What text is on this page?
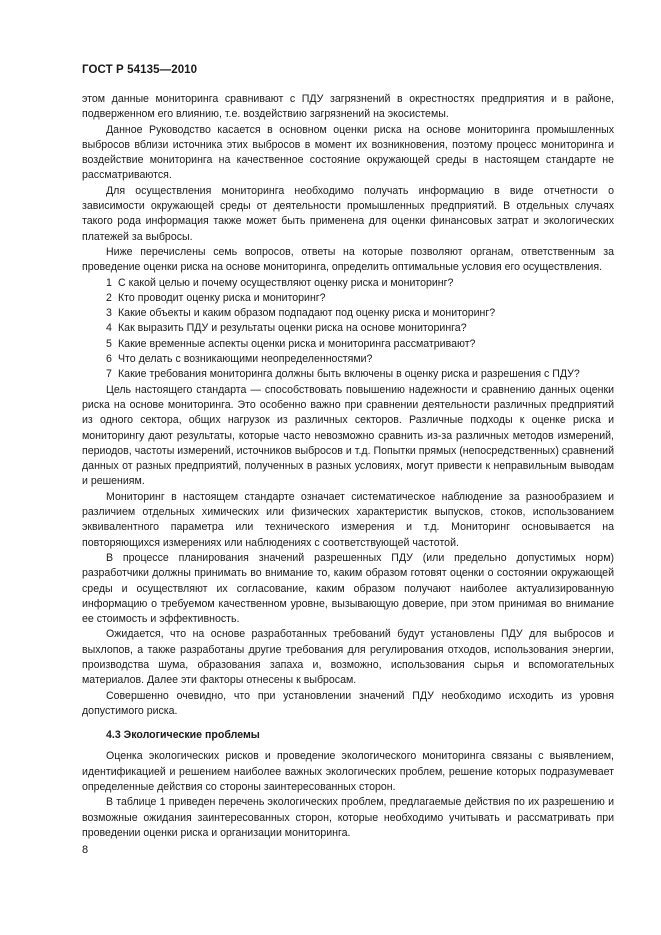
ГОСТ Р 54135—2010

этом данные мониторинга сравнивают с ПДУ загрязнений в окрестностях предприятия и в районе, подверженном его влиянию, т.е. воздействию загрязнений на экосистемы.

Данное Руководство касается в основном оценки риска на основе мониторинга промышленных выбросов вблизи источника этих выбросов в момент их возникновения, поэтому процесс мониторинга и воздействие мониторинга на качественное состояние окружающей среды в настоящем стандарте не рассматриваются.

Для осуществления мониторинга необходимо получать информацию в виде отчетности о зависимости окружающей среды от деятельности промышленных предприятий. В отдельных случаях такого рода информация также может быть применена для оценки финансовых затрат и экологических платежей за выбросы.

Ниже перечислены семь вопросов, ответы на которые позволяют органам, ответственным за проведение оценки риска на основе мониторинга, определить оптимальные условия его осуществления.

1 С какой целью и почему осуществляют оценку риска и мониторинг?

2 Кто проводит оценку риска и мониторинг?

3 Какие объекты и каким образом подпадают под оценку риска и мониторинг?

4 Как выразить ПДУ и результаты оценки риска на основе мониторинга?

5 Какие временные аспекты оценки риска и мониторинга рассматривают?

6 Что делать с возникающими неопределенностями?

7 Какие требования мониторинга должны быть включены в оценку риска и разрешения с ПДУ?

Цель настоящего стандарта — способствовать повышению надежности и сравнению данных оценки риска на основе мониторинга. Это особенно важно при сравнении деятельности различных предприятий из одного сектора, общих нагрузок из различных секторов. Различные подходы к оценке риска и мониторингу дают результаты, которые часто невозможно сравнить из-за различных методов измерений, периодов, частоты измерений, источников выбросов и т.д. Попытки прямых (непосредственных) сравнений данных от разных предприятий, полученных в разных условиях, могут привести к неправильным выводам и решениям.

Мониторинг в настоящем стандарте означает систематическое наблюдение за разнообразием и различием отдельных химических или физических характеристик выпусков, стоков, использованием эквивалентного параметра или технического измерения и т.д. Мониторинг основывается на повторяющихся измерениях или наблюдениях с соответствующей частотой.

В процессе планирования значений разрешенных ПДУ (или предельно допустимых норм) разработчики должны принимать во внимание то, каким образом готовят оценки о состоянии окружающей среды и осуществляют их согласование, каким образом получают наиболее актуализированную информацию о требуемом качественном уровне, вызывающую доверие, при этом принимая во внимание ее стоимость и эффективность.

Ожидается, что на основе разработанных требований будут установлены ПДУ для выбросов и выхлопов, а также разработаны другие требования для регулирования отходов, использования энергии, производства шума, образования запаха и, возможно, использования сырья и вспомогательных материалов. Далее эти факторы отнесены к выбросам.

Совершенно очевидно, что при установлении значений ПДУ необходимо исходить из уровня допустимого риска.

4.3 Экологические проблемы

Оценка экологических рисков и проведение экологического мониторинга связаны с выявлением, идентификацией и решением наиболее важных экологических проблем, решение которых подразумевает определенные действия со стороны заинтересованных сторон.

В таблице 1 приведен перечень экологических проблем, предлагаемые действия по их разрешению и возможные ожидания заинтересованных сторон, которые необходимо учитывать и рассматривать при проведении оценки риска и организации мониторинга.

8
